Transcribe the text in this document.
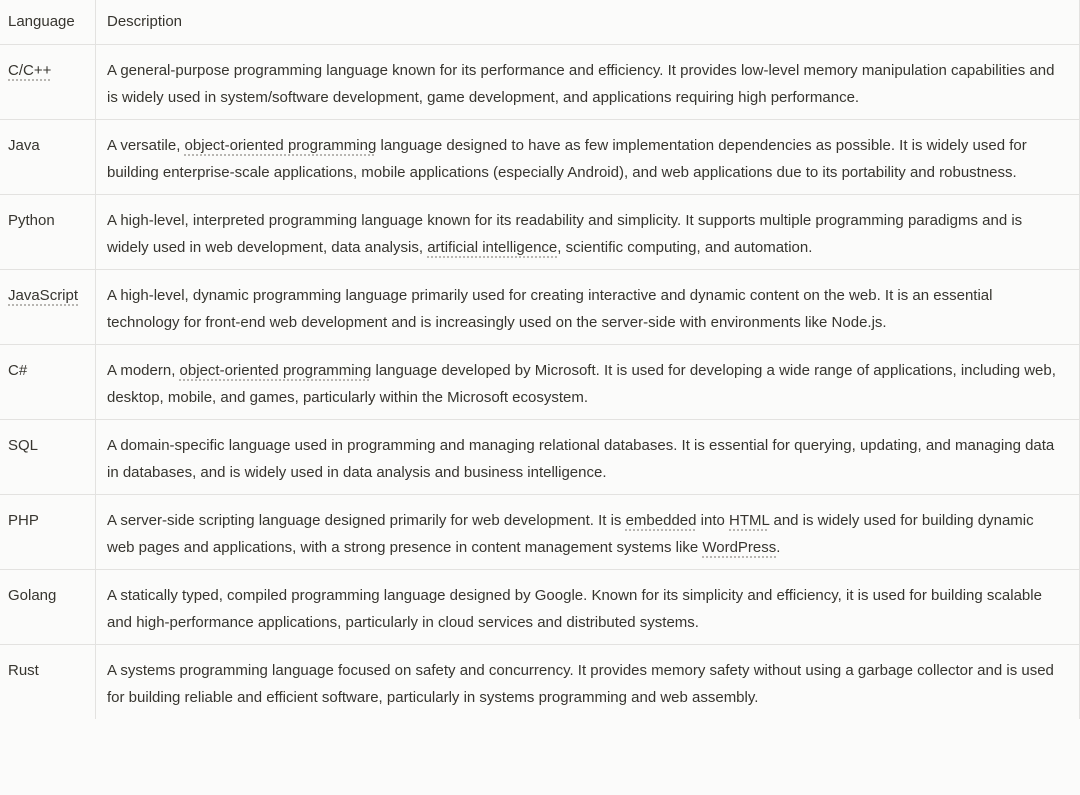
Language	Description
C/C++	A general-purpose programming language known for its performance and efficiency. It provides low-level memory manipulation capabilities and is widely used in system/software development, game development, and applications requiring high performance.
Java	A versatile, object-oriented programming language designed to have as few implementation dependencies as possible. It is widely used for building enterprise-scale applications, mobile applications (especially Android), and web applications due to its portability and robustness.
Python	A high-level, interpreted programming language known for its readability and simplicity. It supports multiple programming paradigms and is widely used in web development, data analysis, artificial intelligence, scientific computing, and automation.
JavaScript	A high-level, dynamic programming language primarily used for creating interactive and dynamic content on the web. It is an essential technology for front-end web development and is increasingly used on the server-side with environments like Node.js.
C#	A modern, object-oriented programming language developed by Microsoft. It is used for developing a wide range of applications, including web, desktop, mobile, and games, particularly within the Microsoft ecosystem.
SQL	A domain-specific language used in programming and managing relational databases. It is essential for querying, updating, and managing data in databases, and is widely used in data analysis and business intelligence.
PHP	A server-side scripting language designed primarily for web development. It is embedded into HTML and is widely used for building dynamic web pages and applications, with a strong presence in content management systems like WordPress.
Golang	A statically typed, compiled programming language designed by Google. Known for its simplicity and efficiency, it is used for building scalable and high-performance applications, particularly in cloud services and distributed systems.
Rust	A systems programming language focused on safety and concurrency. It provides memory safety without using a garbage collector and is used for building reliable and efficient software, particularly in systems programming and web assembly.
